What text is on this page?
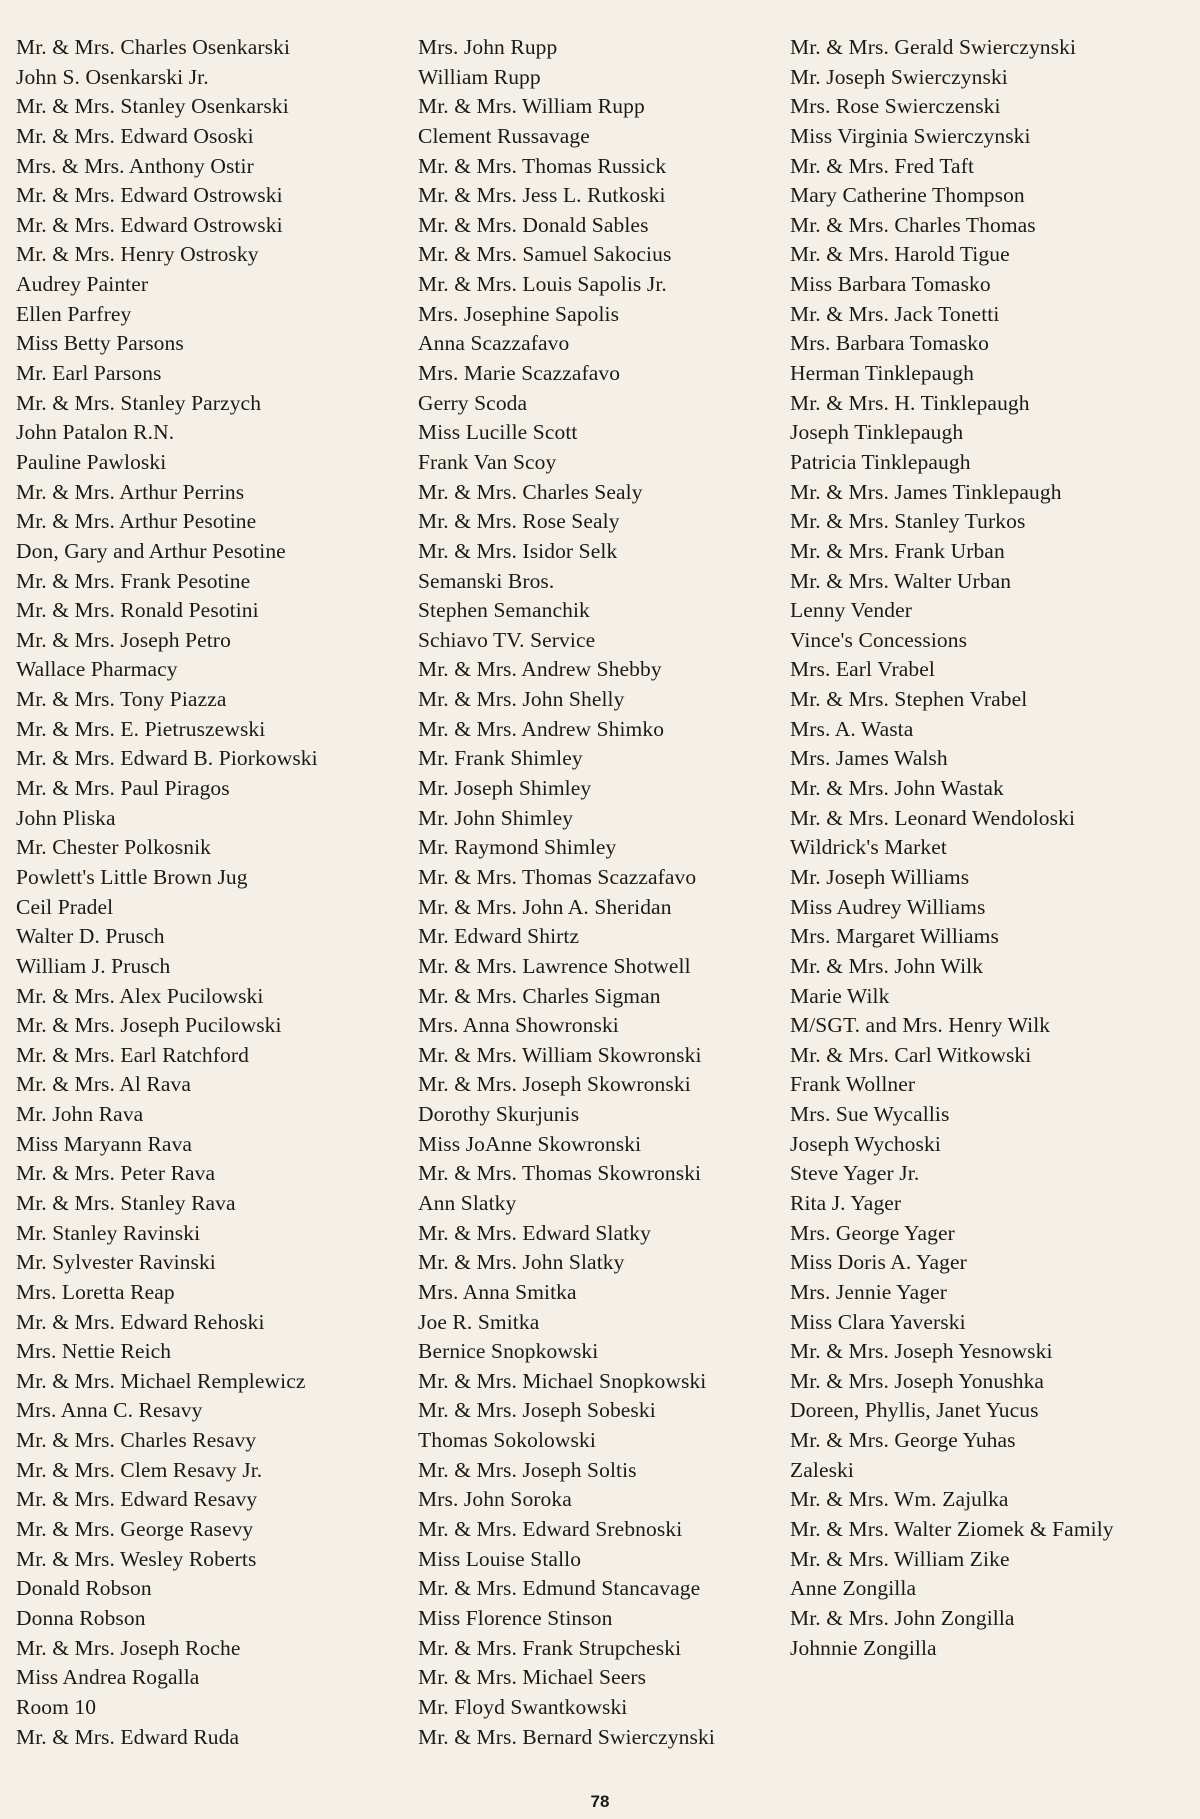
Mr. & Mrs. Charles Osenkarski
John S. Osenkarski Jr.
Mr. & Mrs. Stanley Osenkarski
Mr. & Mrs. Edward Ososki
Mrs. & Mrs. Anthony Ostir
Mr. & Mrs. Edward Ostrowski
Mr. & Mrs. Edward Ostrowski
Mr. & Mrs. Henry Ostrosky
Audrey Painter
Ellen Parfrey
Miss Betty Parsons
Mr. Earl Parsons
Mr. & Mrs. Stanley Parzych
John Patalon R.N.
Pauline Pawloski
Mr. & Mrs. Arthur Perrins
Mr. & Mrs. Arthur Pesotine
Don, Gary and Arthur Pesotine
Mr. & Mrs. Frank Pesotine
Mr. & Mrs. Ronald Pesotini
Mr. & Mrs. Joseph Petro
Wallace Pharmacy
Mr. & Mrs. Tony Piazza
Mr. & Mrs. E. Pietruszewski
Mr. & Mrs. Edward B. Piorkowski
Mr. & Mrs. Paul Piragos
John Pliska
Mr. Chester Polkosnik
Powlett's Little Brown Jug
Ceil Pradel
Walter D. Prusch
William J. Prusch
Mr. & Mrs. Alex Pucilowski
Mr. & Mrs. Joseph Pucilowski
Mr. & Mrs. Earl Ratchford
Mr. & Mrs. Al Rava
Mr. John Rava
Miss Maryann Rava
Mr. & Mrs. Peter Rava
Mr. & Mrs. Stanley Rava
Mr. Stanley Ravinski
Mr. Sylvester Ravinski
Mrs. Loretta Reap
Mr. & Mrs. Edward Rehoski
Mrs. Nettie Reich
Mr. & Mrs. Michael Remplewicz
Mrs. Anna C. Resavy
Mr. & Mrs. Charles Resavy
Mr. & Mrs. Clem Resavy Jr.
Mr. & Mrs. Edward Resavy
Mr. & Mrs. George Rasevy
Mr. & Mrs. Wesley Roberts
Donald Robson
Donna Robson
Mr. & Mrs. Joseph Roche
Miss Andrea Rogalla
Room 10
Mr. & Mrs. Edward Ruda
Mrs. John Rupp
William Rupp
Mr. & Mrs. William Rupp
Clement Russavage
Mr. & Mrs. Thomas Russick
Mr. & Mrs. Jess L. Rutkoski
Mr. & Mrs. Donald Sables
Mr. & Mrs. Samuel Sakocius
Mr. & Mrs. Louis Sapolis Jr.
Mrs. Josephine Sapolis
Anna Scazzafavo
Mrs. Marie Scazzafavo
Gerry Scoda
Miss Lucille Scott
Frank Van Scoy
Mr. & Mrs. Charles Sealy
Mr. & Mrs. Rose Sealy
Mr. & Mrs. Isidor Selk
Semanski Bros.
Stephen Semanchik
Schiavo TV. Service
Mr. & Mrs. Andrew Shebby
Mr. & Mrs. John Shelly
Mr. & Mrs. Andrew Shimko
Mr. Frank Shimley
Mr. Joseph Shimley
Mr. John Shimley
Mr. Raymond Shimley
Mr. & Mrs. Thomas Scazzafavo
Mr. & Mrs. John A. Sheridan
Mr. Edward Shirtz
Mr. & Mrs. Lawrence Shotwell
Mr. & Mrs. Charles Sigman
Mrs. Anna Showronski
Mr. & Mrs. William Skowronski
Mr. & Mrs. Joseph Skowronski
Dorothy Skurjunis
Miss JoAnne Skowronski
Mr. & Mrs. Thomas Skowronski
Ann Slatky
Mr. & Mrs. Edward Slatky
Mr. & Mrs. John Slatky
Mrs. Anna Smitka
Joe R. Smitka
Bernice Snopkowski
Mr. & Mrs. Michael Snopkowski
Mr. & Mrs. Joseph Sobeski
Thomas Sokolowski
Mr. & Mrs. Joseph Soltis
Mrs. John Soroka
Mr. & Mrs. Edward Srebnoski
Miss Louise Stallo
Mr. & Mrs. Edmund Stancavage
Miss Florence Stinson
Mr. & Mrs. Frank Strupcheski
Mr. & Mrs. Michael Seers
Mr. Floyd Swantkowski
Mr. & Mrs. Bernard Swierczynski
Mr. & Mrs. Gerald Swierczynski
Mr. Joseph Swierczynski
Mrs. Rose Swierczenski
Miss Virginia Swierczynski
Mr. & Mrs. Fred Taft
Mary Catherine Thompson
Mr. & Mrs. Charles Thomas
Mr. & Mrs. Harold Tigue
Miss Barbara Tomasko
Mr. & Mrs. Jack Tonetti
Mrs. Barbara Tomasko
Herman Tinklepaugh
Mr. & Mrs. H. Tinklepaugh
Joseph Tinklepaugh
Patricia Tinklepaugh
Mr. & Mrs. James Tinklepaugh
Mr. & Mrs. Stanley Turkos
Mr. & Mrs. Frank Urban
Mr. & Mrs. Walter Urban
Lenny Vender
Vince's Concessions
Mrs. Earl Vrabel
Mr. & Mrs. Stephen Vrabel
Mrs. A. Wasta
Mrs. James Walsh
Mr. & Mrs. John Wastak
Mr. & Mrs. Leonard Wendoloski
Wildrick's Market
Mr. Joseph Williams
Miss Audrey Williams
Mrs. Margaret Williams
Mr. & Mrs. John Wilk
Marie Wilk
M/SGT. and Mrs. Henry Wilk
Mr. & Mrs. Carl Witkowski
Frank Wollner
Mrs. Sue Wycallis
Joseph Wychoski
Steve Yager Jr.
Rita J. Yager
Mrs. George Yager
Miss Doris A. Yager
Mrs. Jennie Yager
Miss Clara Yaverski
Mr. & Mrs. Joseph Yesnowski
Mr. & Mrs. Joseph Yonushka
Doreen, Phyllis, Janet Yucus
Mr. & Mrs. George Yuhas
Zaleski
Mr. & Mrs. Wm. Zajulka
Mr. & Mrs. Walter Ziomek & Family
Mr. & Mrs. William Zike
Anne Zongilla
Mr. & Mrs. John Zongilla
Johnnie Zongilla
78
